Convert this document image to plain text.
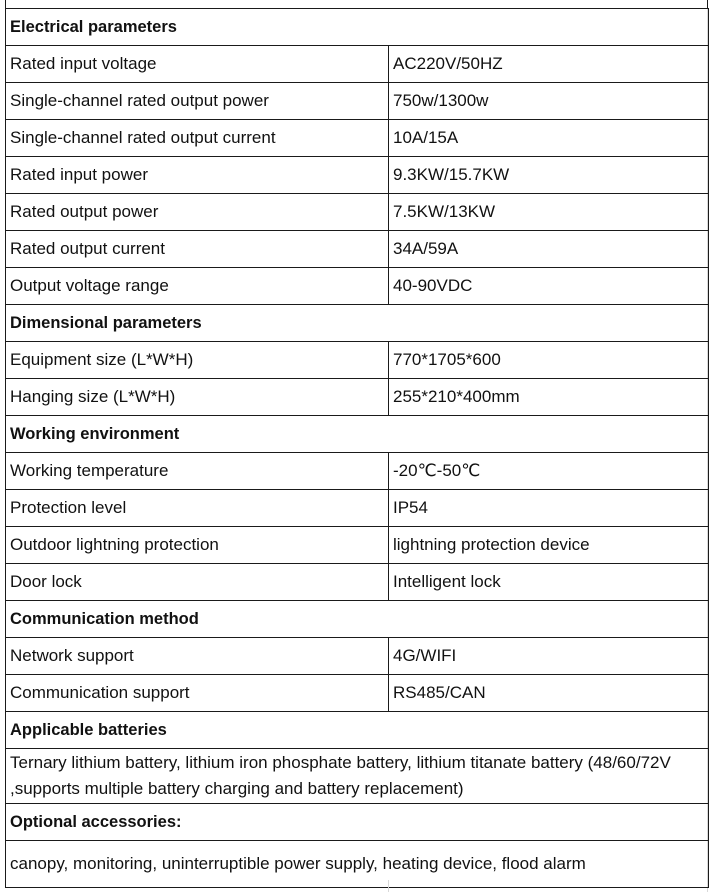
Electrical parameters	
Rated input voltage	AC220V/50HZ
Single-channel rated output power	750w/1300w
Single-channel rated output current	10A/15A
Rated input power	9.3KW/15.7KW
Rated output power	7.5KW/13KW
Rated output current	34A/59A
Output voltage range	40-90VDC
Dimensional parameters	
Equipment size (L*W*H)	770*1705*600
Hanging size (L*W*H)	255*210*400mm
Working environment	
Working temperature	-20℃-50℃
Protection level	IP54
Outdoor lightning protection	lightning protection device
Door lock	Intelligent lock
Communication method	
Network support	4G/WIFI
Communication support	RS485/CAN
Applicable batteries	
Ternary lithium battery, lithium iron phosphate battery, lithium titanate battery (48/60/72V ,supports multiple battery charging and battery replacement)	
Optional accessories:	
canopy, monitoring, uninterruptible power supply, heating device, flood alarm	
